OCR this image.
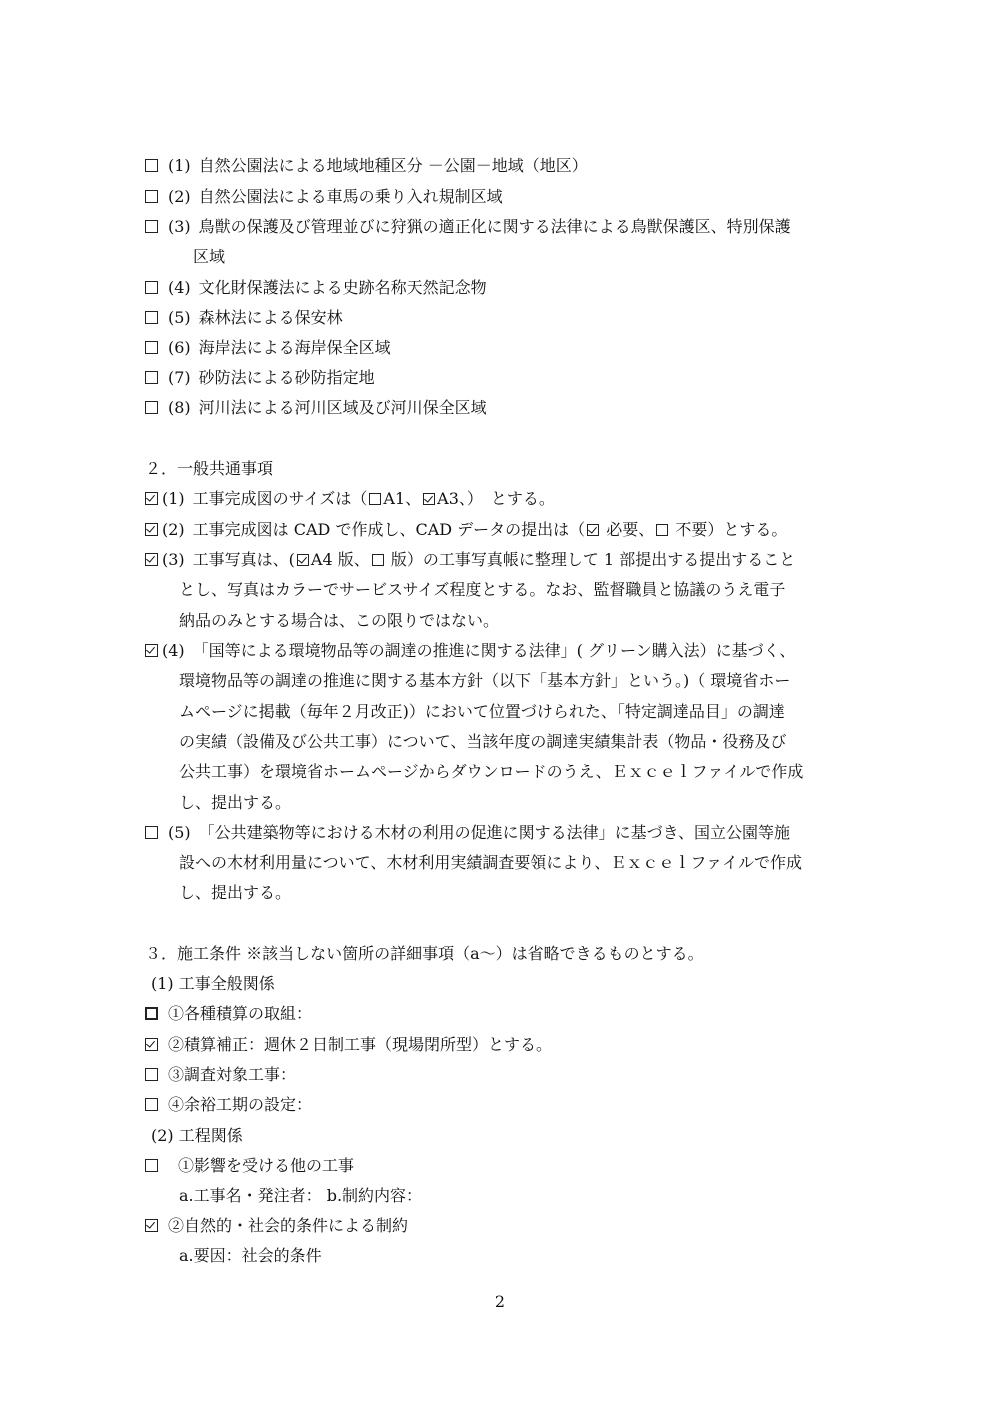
(1) 自然公園法による地域地種区分 －公園－地域（地区）
(2) 自然公園法による車馬の乗り入れ規制区域
(3) 鳥獣の保護及び管理並びに狩猟の適正化に関する法律による鳥獣保護区、特別保護
区域
(4) 文化財保護法による史跡名称天然記念物
(5) 森林法による保安林
(6) 海岸法による海岸保全区域
(7) 砂防法による砂防指定地
(8) 河川法による河川区域及び河川保全区域
２．一般共通事項
(1) 工事完成図のサイズは（ A1、 A3、）　とする。
(2) 工事完成図は CAD で作成し、CAD データの提出は（ 必要、 不要）とする。
(3) 工事写真は、( A4 版、 版）の工事写真帳に整理して 1 部提出する提出すること
とし、写真はカラーでサービスサイズ程度とする。なお、監督職員と協議のうえ電子
納品のみとする場合は、この限りではない。
(4) 「国等による環境物品等の調達の推進に関する法律」( グリーン購入法）に基づく、
環境物品等の調達の推進に関する基本方針（以下「基本方針」という。)（ 環境省ホー
ムページに掲載（毎年２月改正)）において位置づけられた、「特定調達品目」の調達
の実績（設備及び公共工事）について、当該年度の調達実績集計表（物品・役務及び
公共工事）を環境省ホームページからダウンロードのうえ、Ｅｘｃｅｌファイルで作成
し、提出する。
(5) 「公共建築物等における木材の利用の促進に関する法律」に基づき、国立公園等施
設への木材利用量について、木材利用実績調査要領により、Ｅｘｃｅｌファイルで作成
し、提出する。
３．施工条件 ※該当しない箇所の詳細事項（a～）は省略できるものとする。
(1) 工事全般関係
①各種積算の取組：
②積算補正：週休２日制工事（現場閉所型）とする。
③調査対象工事：
④余裕工期の設定：
(2) 工程関係
①影響を受ける他の工事
a.工事名・発注者： b.制約内容：
②自然的・社会的条件による制約
a.要因：社会的条件
2
